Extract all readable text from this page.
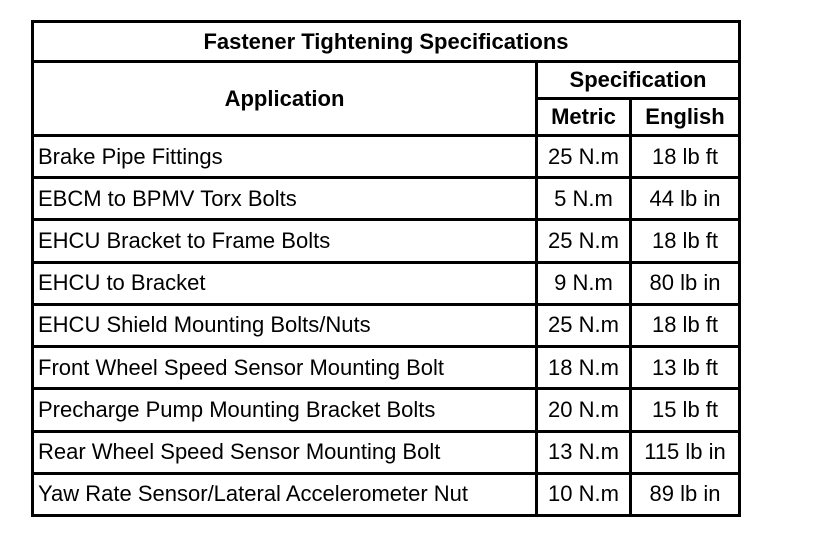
Fastener Tightening Specifications		
Application	Specification	
	Metric	English
Brake Pipe Fittings	25 N.m	18 lb ft
EBCM to BPMV Torx Bolts	5 N.m	44 lb in
EHCU Bracket to Frame Bolts	25 N.m	18 lb ft
EHCU to Bracket	9 N.m	80 lb in
EHCU Shield Mounting Bolts/Nuts	25 N.m	18 lb ft
Front Wheel Speed Sensor Mounting Bolt	18 N.m	13 lb ft
Precharge Pump Mounting Bracket Bolts	20 N.m	15 lb ft
Rear Wheel Speed Sensor Mounting Bolt	13 N.m	115 lb in
Yaw Rate Sensor/Lateral Accelerometer Nut	10 N.m	89 lb in
